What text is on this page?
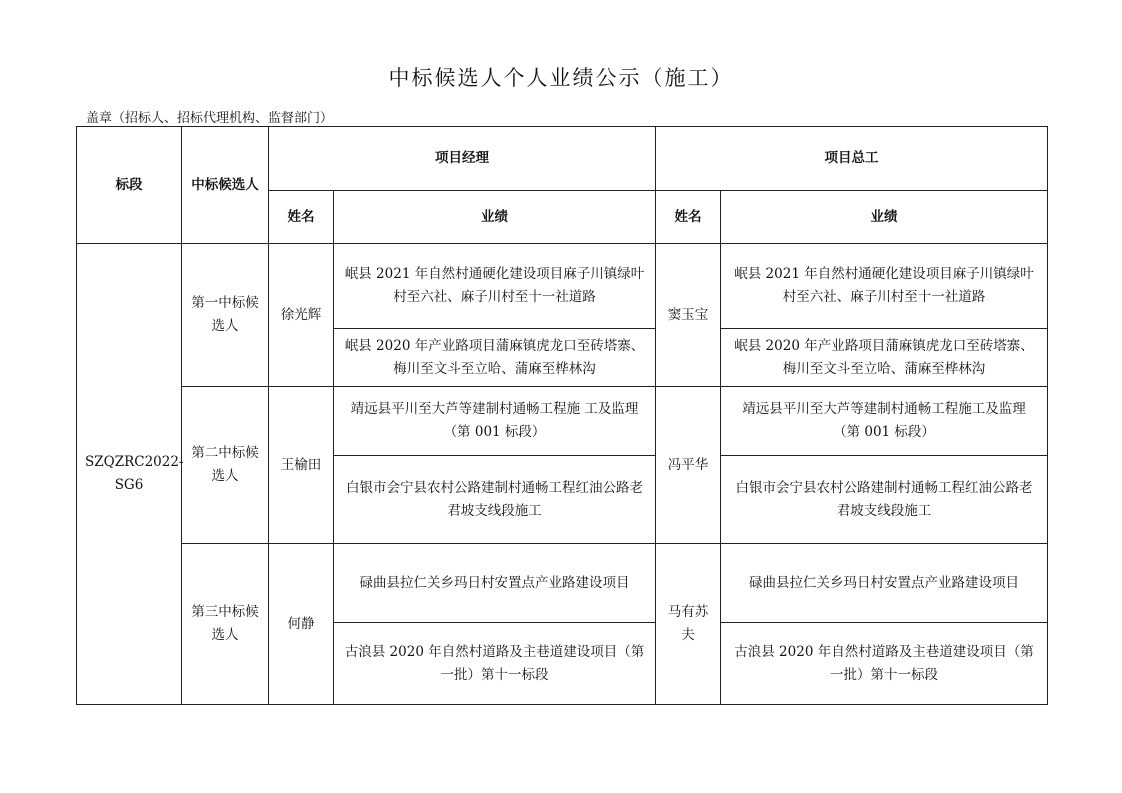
中标候选人个人业绩公示（施工）
盖章（招标人、招标代理机构、监督部门）
标段	中标候选人	项目经理		项目总工	
		姓名	业绩	姓名	业绩
SZQZRC2022-SG6	第一中标候选人	徐光辉	岷县 2021 年自然村通硬化建设项目麻子川镇绿叶村至六社、麻子川村至十一社道路	窦玉宝	岷县 2021 年自然村通硬化建设项目麻子川镇绿叶村至六社、麻子川村至十一社道路
			岷县 2020 年产业路项目蒲麻镇虎龙口至砖塔寨、梅川至文斗至立哈、蒲麻至桦林沟		岷县 2020 年产业路项目蒲麻镇虎龙口至砖塔寨、梅川至文斗至立哈、蒲麻至桦林沟
	第二中标候选人	王榆田	靖远县平川至大芦等建制村通畅工程施 工及监理（第 001 标段）	冯平华	靖远县平川至大芦等建制村通畅工程施工及监理（第 001 标段）
			白银市会宁县农村公路建制村通畅工程红油公路老君坡支线段施工		白银市会宁县农村公路建制村通畅工程红油公路老君坡支线段施工
	第三中标候选人	何静	碌曲县拉仁关乡玛日村安置点产业路建设项目	马有苏夫	碌曲县拉仁关乡玛日村安置点产业路建设项目
			古浪县 2020 年自然村道路及主巷道建设项目（第一批）第十一标段		古浪县 2020 年自然村道路及主巷道建设项目（第一批）第十一标段
